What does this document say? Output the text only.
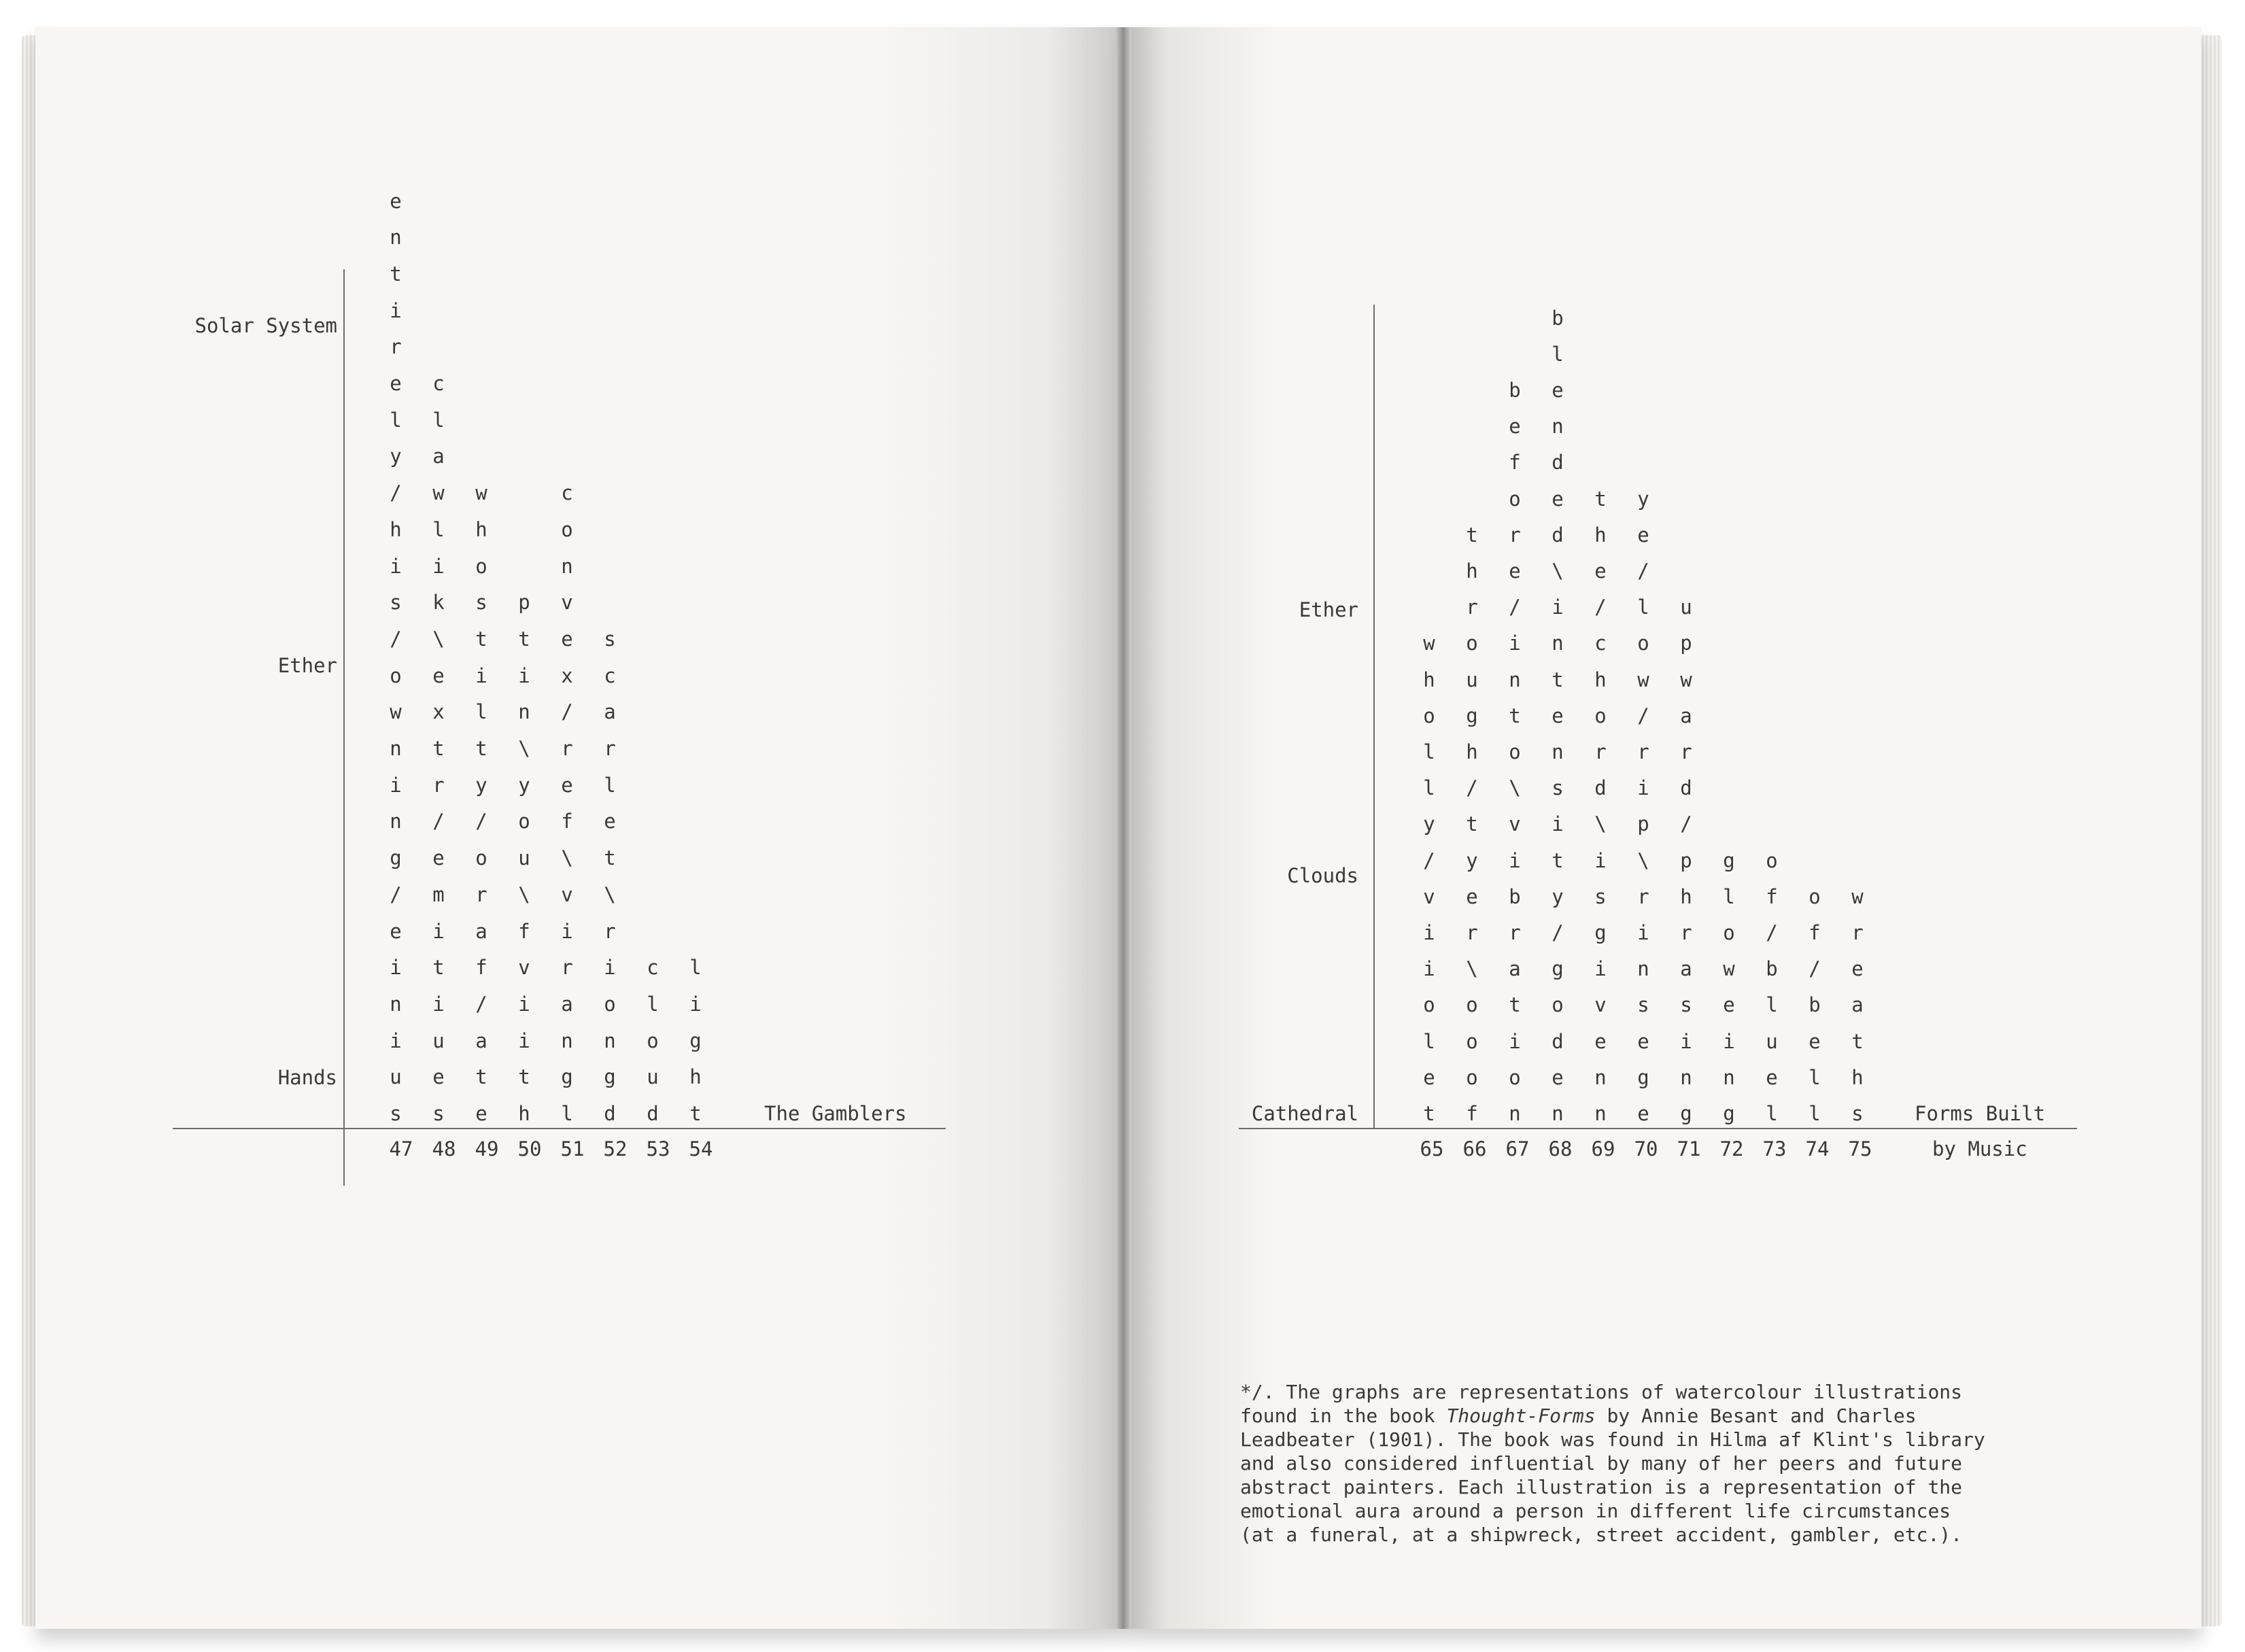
Solar System
Ether
Hands
The Gamblers
e
n
t
i
r
e
l
y
/
h
i
s
/
o
w
n
i
n
g
/
e
i
n
i
u
s
c
l
a
w
l
i
k
\
e
x
t
r
/
e
m
i
t
i
u
e
s
w
h
o
s
t
i
l
t
y
/
o
r
a
f
/
a
t
e
p
t
i
n
\
y
o
u
\
f
v
i
i
t
h
c
o
n
v
e
x
/
r
e
f
\
v
i
r
a
n
g
l
s
c
a
r
l
e
t
\
r
i
o
n
g
d
c
l
o
u
d
l
i
g
h
t
47 48 49 50 51 52 53 54
Ether
Clouds
Cathedral	Forms Built
by Music
w
h
o
l
l
y
/
v
i
i
o
l
e
t
t
h
r
o
u
g
h
/
t
y
e
r
\
o
o
o
f
b
e
f
o
r
e
/
i
n
t
o
\
v
i
b
r
a
t
i
o
n
b
l
e
n
d
e
d
\
i
n
t
e
n
s
i
t
y
/
g
o
d
e
n
t
h
e
/
c
h
o
r
d
\
i
s
g
i
v
e
n
n
y
e
/
l
o
w
/
r
i
p
\
r
i
n
s
e
g
e
u
p
w
a
r
d
/
p
h
r
a
s
i
n
g
g
l
o
w
e
i
n
g
o
f
/
b
l
u
e
l
o
f
/
b
e
l
l
w
r
e
a
t
h
s
65 66 67 68 69 70 71 72 73 74 75
*/. The graphs are representations of watercolour illustrations
found in the book Thought-Forms by Annie Besant and Charles
Leadbeater (1901). The book was found in Hilma af Klint's library
and also considered influential by many of her peers and future
abstract painters. Each illustration is a representation of the
emotional aura around a person in different life circumstances
(at a funeral, at a shipwreck, street accident, gambler, etc.).
